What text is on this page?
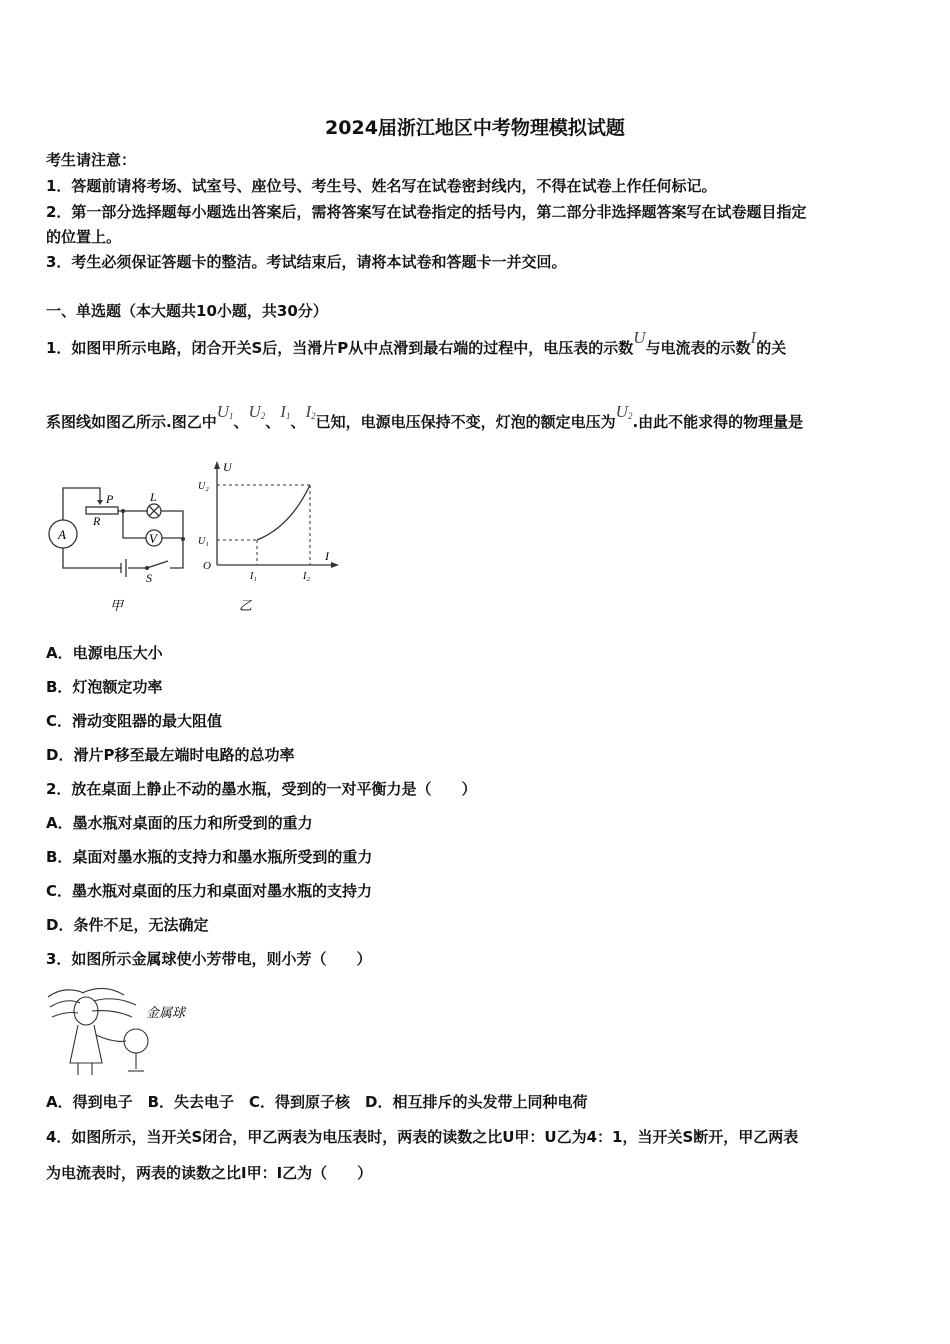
2024届浙江地区中考物理模拟试题
考生请注意：
1．答题前请将考场、试室号、座位号、考生号、姓名写在试卷密封线内，不得在试卷上作任何标记。
2．第一部分选择题每小题选出答案后，需将答案写在试卷指定的括号内，第二部分非选择题答案写在试卷题目指定
的位置上。
3．考生必须保证答题卡的整洁。考试结束后，请将本试卷和答题卡一并交回。
一、单选题（本大题共10小题，共30分）
1．如图甲所示电路，闭合开关S后，当滑片P从中点滑到最右端的过程中，电压表的示数U与电流表的示数I的关
系图线如图乙所示.图乙中$U_1$、$U_2$、$I_1$、$I_2$已知，电源电压保持不变，灯泡的额定电压为$U_2$.由此不能求得的物理量是
A	V
P
R
L
S
甲
U
I
O
U₂
U₁
I₁	I₂
乙
A．电源电压大小
B．灯泡额定功率
C．滑动变阻器的最大阻值
D．滑片P移至最左端时电路的总功率
2．放在桌面上静止不动的墨水瓶，受到的一对平衡力是（　　）
A．墨水瓶对桌面的压力和所受到的重力
B．桌面对墨水瓶的支持力和墨水瓶所受到的重力
C．墨水瓶对桌面的压力和桌面对墨水瓶的支持力
D．条件不足，无法确定
3．如图所示金属球使小芳带电，则小芳（　　）
金属球
A．得到电子　B．失去电子　C．得到原子核　D．相互排斥的头发带上同种电荷
4．如图所示，当开关S闭合，甲乙两表为电压表时，两表的读数之比U甲：U乙为4：1，当开关S断开，甲乙两表
为电流表时，两表的读数之比I甲：I乙为（　　）
